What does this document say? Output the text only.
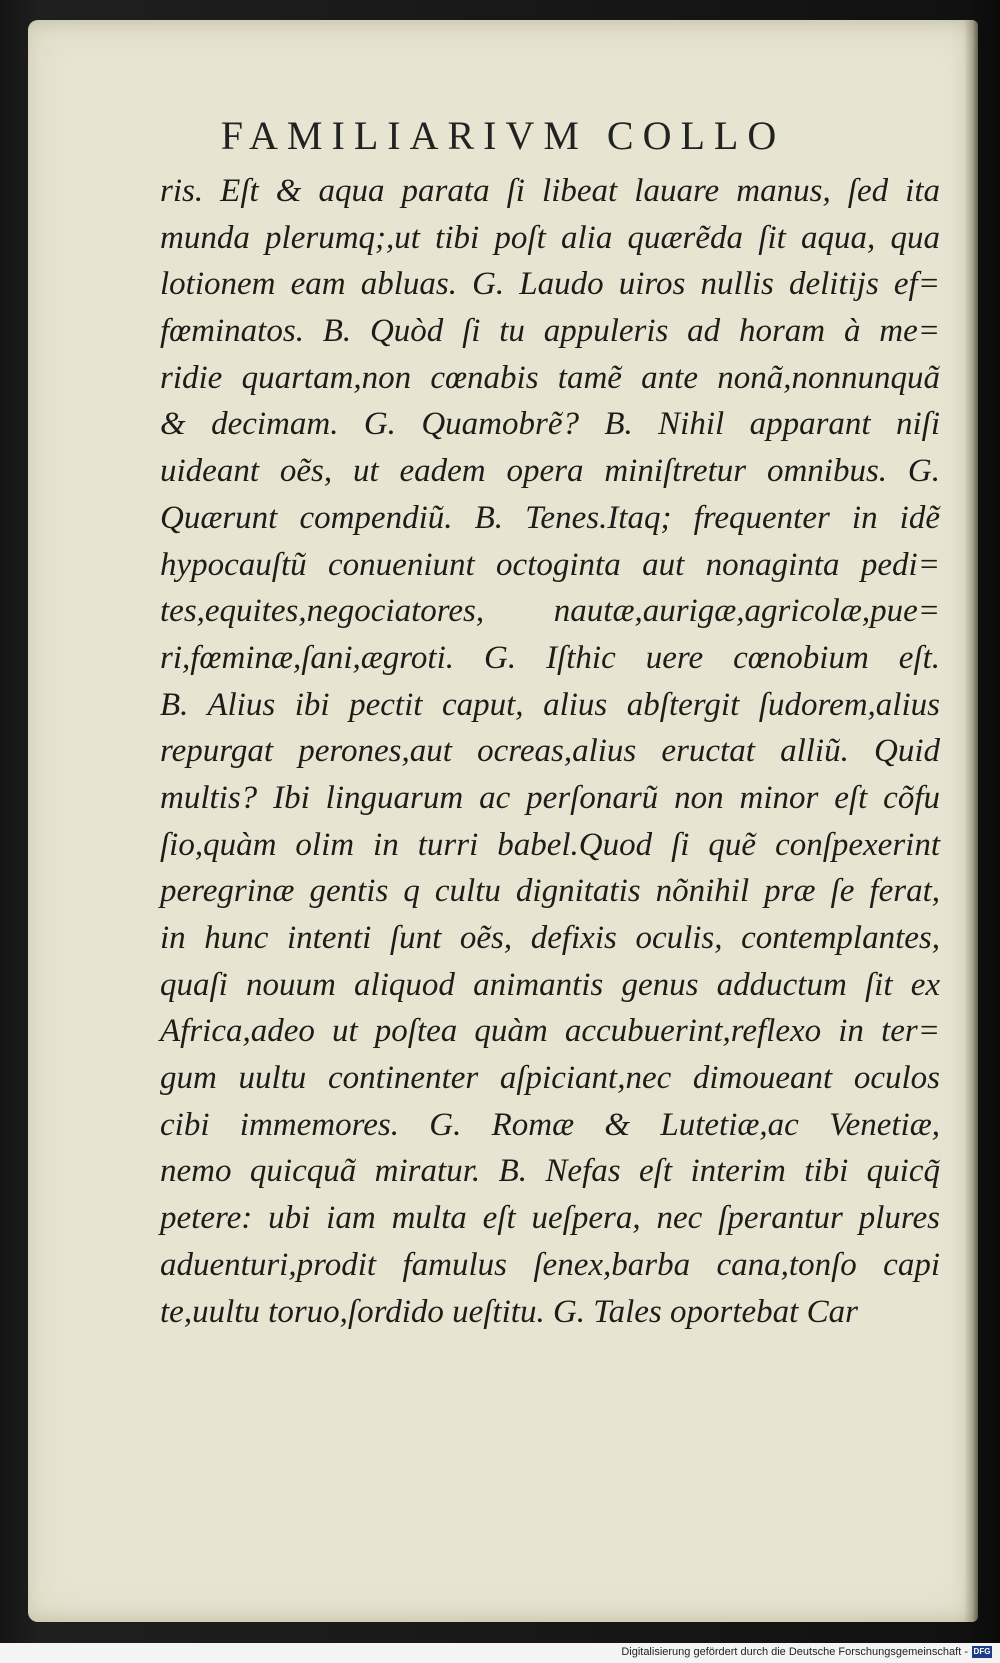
FAMILIARIVM COLLO
ris. Eſt & aqua parata ſi libeat lauare manus, ſed ita
munda plerumq;,ut tibi poſt alia quærẽda ſit aqua, qua
lotionem eam abluas. G. Laudo uiros nullis delitijs ef=
fœminatos. B. Quòd ſi tu appuleris ad horam à me=
ridie quartam,non cœnabis tamẽ ante nonã,nonnunquã
& decimam. G. Quamobrẽ? B. Nihil apparant niſi
uideant oẽs, ut eadem opera miniſtretur omnibus. G.
Quærunt compendiũ. B. Tenes.Itaq; frequenter in idẽ
hypocauſtũ conueniunt octoginta aut nonaginta pedi=
tes,equites,negociatores, nautæ,aurigæ,agricolæ,pue=
ri,fœminæ,ſani,ægroti. G. Iſthic uere cœnobium eſt.
B. Alius ibi pectit caput, alius abſtergit ſudorem,alius
repurgat perones,aut ocreas,alius eructat alliũ. Quid
multis? Ibi linguarum ac perſonarũ non minor eſt cõfu
ſio,quàm olim in turri babel.Quod ſi quẽ conſpexerint
peregrinæ gentis q cultu dignitatis nõnihil præ ſe ferat,
in hunc intenti ſunt oẽs, defixis oculis, contemplantes,
quaſi nouum aliquod animantis genus adductum ſit ex
Africa,adeo ut poſtea quàm accubuerint,reflexo in ter=
gum uultu continenter aſpiciant,nec dimoueant oculos
cibi immemores. G. Romæ & Lutetiæ,ac Venetiæ,
nemo quicquã miratur. B. Nefas eſt interim tibi quicq̃
petere: ubi iam multa eſt ueſpera, nec ſperantur plures
aduenturi,prodit famulus ſenex,barba cana,tonſo capi
te,uultu toruo,ſordido ueſtitu. G. Tales oportebat Car
Digitalisierung gefördert durch die Deutsche Forschungsgemeinschaft - DFG
